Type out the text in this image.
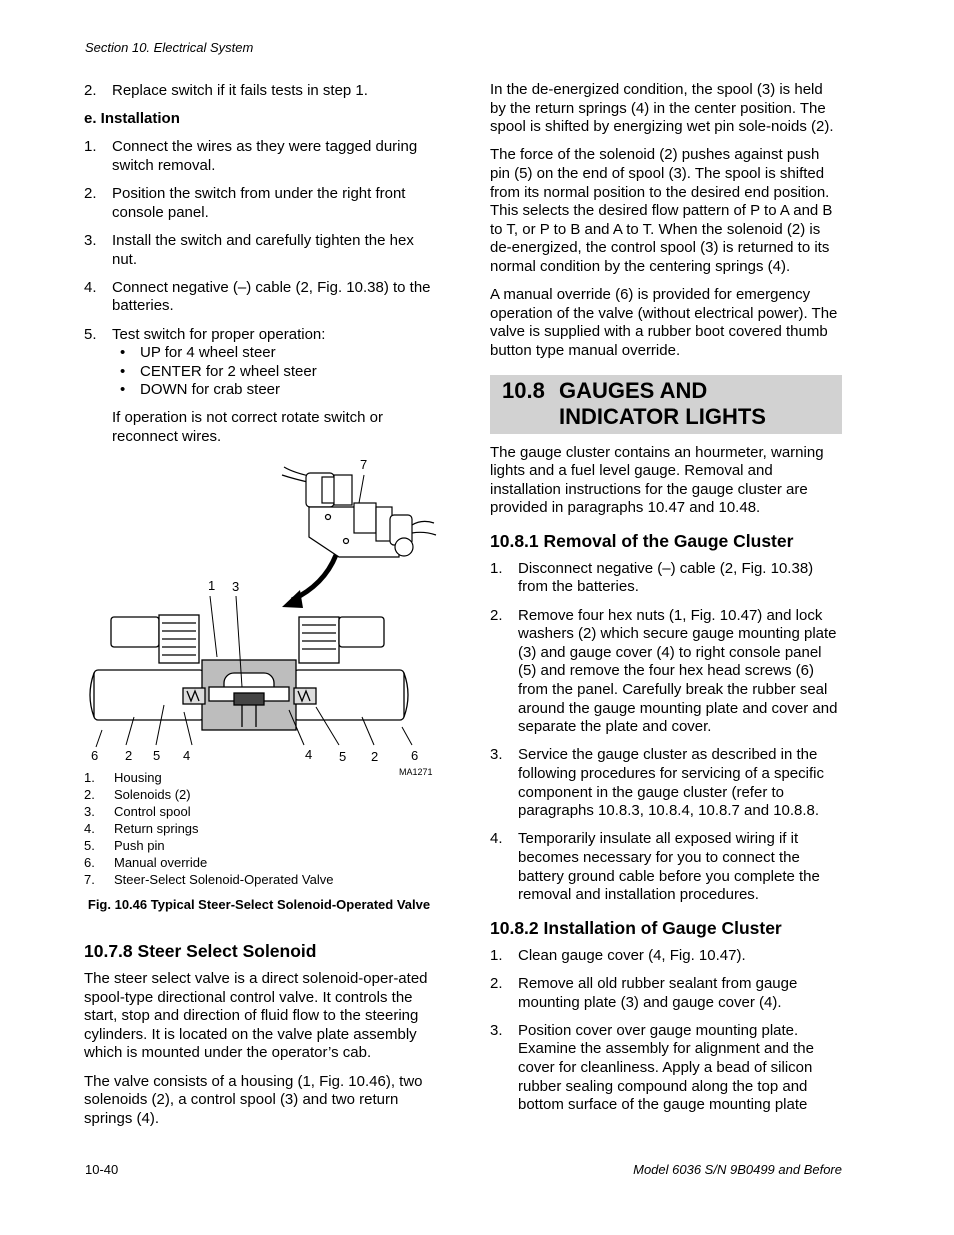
Section 10. Electrical System
2. Replace switch if it fails tests in step 1.
e. Installation
1. Connect the wires as they were tagged during switch removal.
2. Position the switch from under the right front console panel.
3. Install the switch and carefully tighten the hex nut.
4. Connect negative (–) cable (2, Fig. 10.38) to the batteries.
5. Test switch for proper operation:
• UP for 4 wheel steer
• CENTER for 2 wheel steer
• DOWN for crab steer

If operation is not correct rotate switch or reconnect wires.

7
1 3
6 2 5 4	4 5 2	6
MA1271
1. Housing
2. Solenoids (2)
3. Control spool
4. Return springs
5. Push pin
6. Manual override
7. Steer-Select Solenoid-Operated Valve
Fig. 10.46 Typical Steer-Select Solenoid-Operated Valve
10.7.8 Steer Select Solenoid

The steer select valve is a direct solenoid-oper-ated spool-type directional control valve. It controls the start, stop and direction of fluid flow to the steering cylinders. It is located on the valve plate assembly which is mounted under the operator’s cab.

The valve consists of a housing (1, Fig. 10.46), two solenoids (2), a control spool (3) and two return springs (4).

In the de-energized condition, the spool (3) is held by the return springs (4) in the center position. The spool is shifted by energizing wet pin sole-noids (2).

The force of the solenoid (2) pushes against push pin (5) on the end of spool (3). The spool is shifted from its normal position to the desired end position. This selects the desired flow pattern of P to A and B to T, or P to B and A to T. When the solenoid (2) is de-energized, the control spool (3) is returned to its normal condition by the centering springs (4).

A manual override (6) is provided for emergency operation of the valve (without electrical power). The valve is supplied with a rubber boot covered thumb button type manual override.

10.8 GAUGES AND INDICATOR LIGHTS

The gauge cluster contains an hourmeter, warning lights and a fuel level gauge. Removal and installation instructions for the gauge cluster are provided in paragraphs 10.47 and 10.48.

10.8.1 Removal of the Gauge Cluster
1. Disconnect negative (–) cable (2, Fig. 10.38) from the batteries.
2. Remove four hex nuts (1, Fig. 10.47) and lock washers (2) which secure gauge mounting plate (3) and gauge cover (4) to right console panel (5) and remove the four hex head screws (6) from the panel. Carefully break the rubber seal around the gauge mounting plate and cover and separate the plate and cover.
3. Service the gauge cluster as described in the following procedures for servicing of a specific component in the gauge cluster (refer to paragraphs 10.8.3, 10.8.4, 10.8.7 and 10.8.8.
4. Temporarily insulate all exposed wiring if it becomes necessary for you to connect the battery ground cable before you complete the removal and installation procedures.
10.8.2 Installation of Gauge Cluster
1. Clean gauge cover (4, Fig. 10.47).
2. Remove all old rubber sealant from gauge mounting plate (3) and gauge cover (4).
3. Position cover over gauge mounting plate. Examine the assembly for alignment and the cover for cleanliness. Apply a bead of silicon rubber sealing compound along the top and bottom surface of the gauge mounting plate
10-40	Model 6036 S/N 9B0499 and Before
